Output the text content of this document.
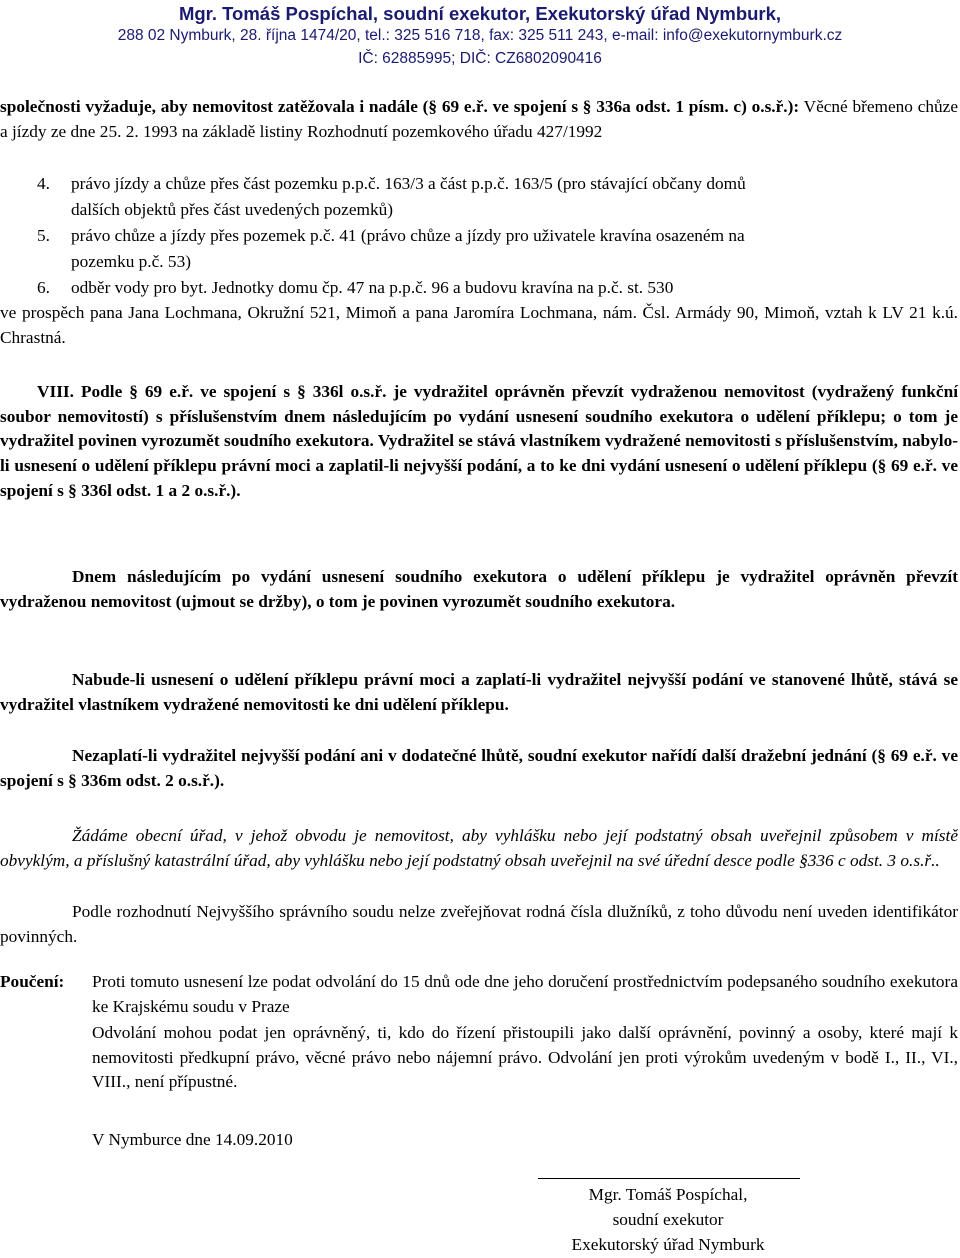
Mgr. Tomáš Pospíchal, soudní exekutor, Exekutorský úřad Nymburk,
288 02 Nymburk, 28. října 1474/20, tel.: 325 516 718, fax: 325 511 243, e-mail: info@exekutornymburk.cz
IČ: 62885995; DIČ: CZ6802090416

společnosti vyžaduje, aby nemovitost zatěžovala i nadále (§ 69 e.ř. ve spojení s § 336a odst. 1 písm. c) o.s.ř.): Věcné břemeno chůze a jízdy ze dne 25. 2. 1993 na základě listiny Rozhodnutí pozemkového úřadu 427/1992

4. právo jízdy a chůze přes část pozemku p.p.č. 163/3 a část p.p.č. 163/5 (pro stávající občany domů
dalších objektů přes část uvedených pozemků)
5. právo chůze a jízdy přes pozemek p.č. 41 (právo chůze a jízdy pro uživatele kravína osazeném na
pozemku p.č. 53)
6. odběr vody pro byt. Jednotky domu čp. 47 na p.p.č. 96 a budovu kravína na p.č. st. 530

ve prospěch pana Jana Lochmana, Okružní 521, Mimoň a pana Jaromíra Lochmana, nám. Čsl. Armády 90, Mimoň, vztah k LV 21 k.ú. Chrastná.

VIII. Podle § 69 e.ř. ve spojení s § 336l o.s.ř. je vydražitel oprávněn převzít vydraženou nemovitost (vydražený funkční soubor nemovitostí) s příslušenstvím dnem následujícím po vydání usnesení soudního exekutora o udělení příklepu; o tom je vydražitel povinen vyrozumět soudního exekutora. Vydražitel se stává vlastníkem vydražené nemovitosti s příslušenstvím, nabylo-li usnesení o udělení příklepu právní moci a zaplatil-li nejvyšší podání, a to ke dni vydání usnesení o udělení příklepu (§ 69 e.ř. ve spojení s § 336l odst. 1 a 2 o.s.ř.).

Dnem následujícím po vydání usnesení soudního exekutora o udělení příklepu je vydražitel oprávněn převzít vydraženou nemovitost (ujmout se držby), o tom je povinen vyrozumět soudního exekutora.

Nabude-li usnesení o udělení příklepu právní moci a zaplatí-li vydražitel nejvyšší podání ve stanovené lhůtě, stává se vydražitel vlastníkem vydražené nemovitosti ke dni udělení příklepu.

Nezaplatí-li vydražitel nejvyšší podání ani v dodatečné lhůtě, soudní exekutor nařídí další dražební jednání (§ 69 e.ř. ve spojení s § 336m odst. 2 o.s.ř.).

Žádáme obecní úřad, v jehož obvodu je nemovitost, aby vyhlášku nebo její podstatný obsah uveřejnil způsobem v místě obvyklým, a příslušný katastrální úřad, aby vyhlášku nebo její podstatný obsah uveřejnil na své úřední desce podle §336 c odst. 3 o.s.ř..

Podle rozhodnutí Nejvyššího správního soudu nelze zveřejňovat rodná čísla dlužníků, z toho důvodu není uveden identifikátor povinných.

Poučení: Proti tomuto usnesení lze podat odvolání do 15 dnů ode dne jeho doručení prostřednictvím podepsaného soudního exekutora ke Krajskému soudu v Praze

Odvolání mohou podat jen oprávněný, ti, kdo do řízení přistoupili jako další oprávnění, povinný a osoby, které mají k nemovitosti předkupní právo, věcné právo nebo nájemní právo. Odvolání jen proti výrokům uvedeným v bodě I., II., VI., VIII., není přípustné.

V Nymburce dne 14.09.2010
Mgr. Tomáš Pospíchal,
soudní exekutor
Exekutorský úřad Nymburk
